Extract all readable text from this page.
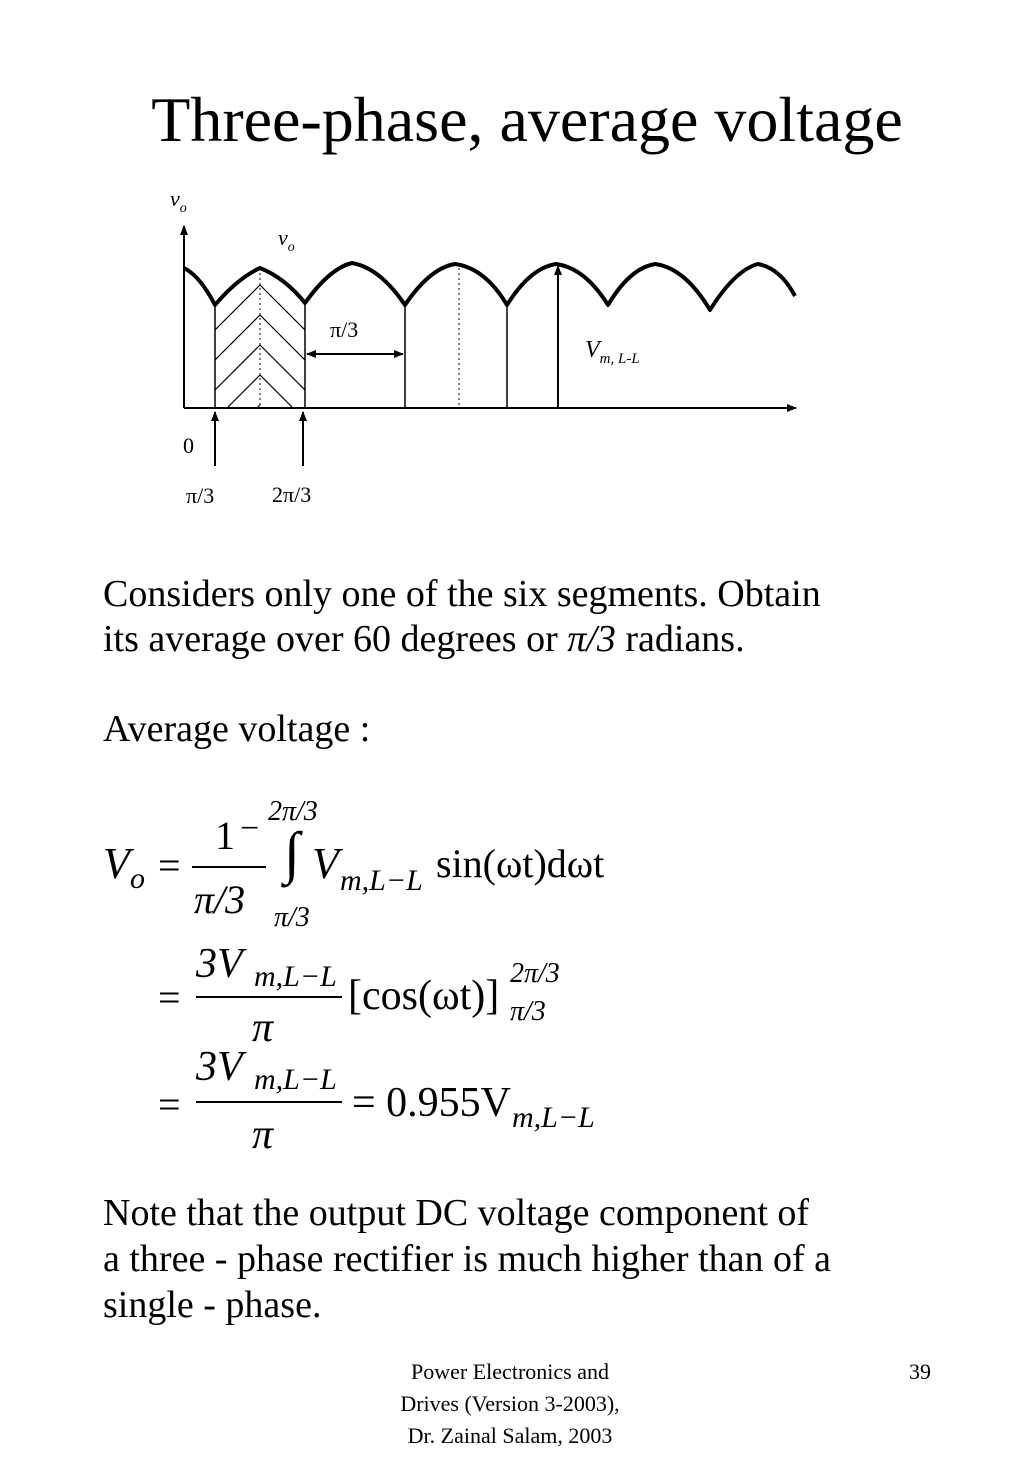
Three-phase, average voltage
$v_o$
$v_o$
π/3
$V_{m, L-L}$
0
π/3	2π/3
Considers only one of the six segments. Obtain
its average over 60 degrees or π/3 radians.
Average voltage :
V o =
1 −
π/3
2π/3
∫
π/3
V m,L−L sin(ωt)dωt
=
3V m,L−L
π
[cos(ωt)] 2π/3
π/3
=
3V m,L−L
π
= 0.955V m,L−L
Note that the output DC voltage component of
a three - phase rectifier is much higher than of a
single - phase.
Power Electronics and
Drives (Version 3-2003),
Dr. Zainal Salam, 2003
39
